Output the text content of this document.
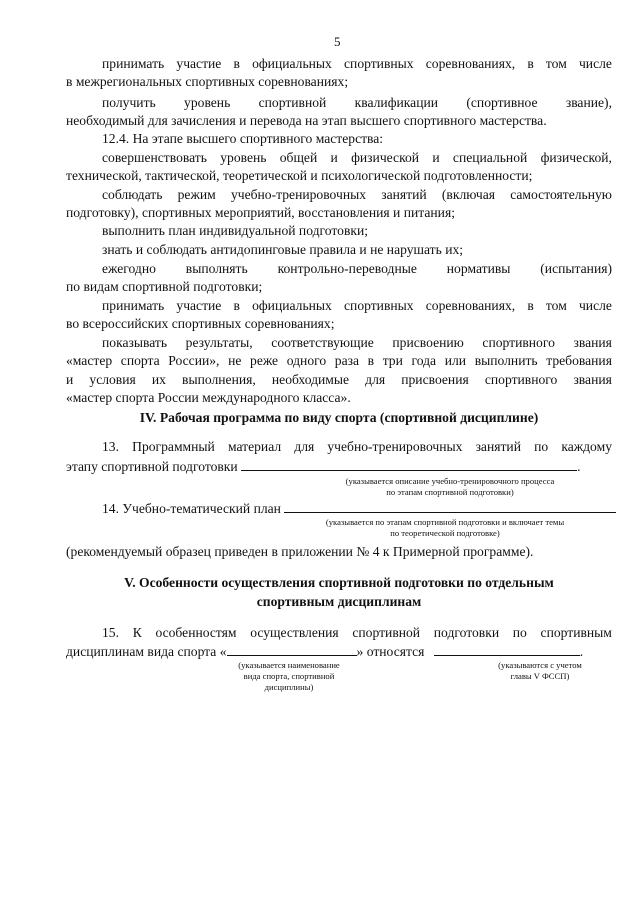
5
принимать участие в официальных спортивных соревнованиях, в том числе
в межрегиональных спортивных соревнованиях;
получить уровень спортивной квалификации (спортивное звание),
необходимый для зачисления и перевода на этап высшего спортивного мастерства.
12.4. На этапе высшего спортивного мастерства:
совершенствовать уровень общей и физической и специальной физической,
технической, тактической, теоретической и психологической подготовленности;
соблюдать режим учебно-тренировочных занятий (включая самостоятельную
подготовку), спортивных мероприятий, восстановления и питания;
выполнить план индивидуальной подготовки;
знать и соблюдать антидопинговые правила и не нарушать их;
ежегодно выполнять контрольно-переводные нормативы (испытания)
по видам спортивной подготовки;
принимать участие в официальных спортивных соревнованиях, в том числе
во всероссийских спортивных соревнованиях;
показывать результаты, соответствующие присвоению спортивного звания
«мастер спорта России», не реже одного раза в три года или выполнить требования
и условия их выполнения, необходимые для присвоения спортивного звания
«мастер спорта России международного класса».
IV. Рабочая программа по виду спорта (спортивной дисциплине)
13. Программный материал для учебно-тренировочных занятий по каждому
этапу спортивной подготовки	.
(указывается описание учебно-тренировочного процесса
по этапам спортивной подготовки)
14. Учебно-тематический план
(указывается по этапам спортивной подготовки и включает темы
по теоретической подготовке)
(рекомендуемый образец приведен в приложении № 4 к Примерной программе).
V. Особенности осуществления спортивной подготовки по отдельным
спортивным дисциплинам
15. К особенностям осуществления спортивной подготовки по спортивным
дисциплинам вида спорта «	» относятся	.
(указывается наименование
вида спорта, спортивной
дисциплины)
(указываются с учетом
главы V ФССП)
